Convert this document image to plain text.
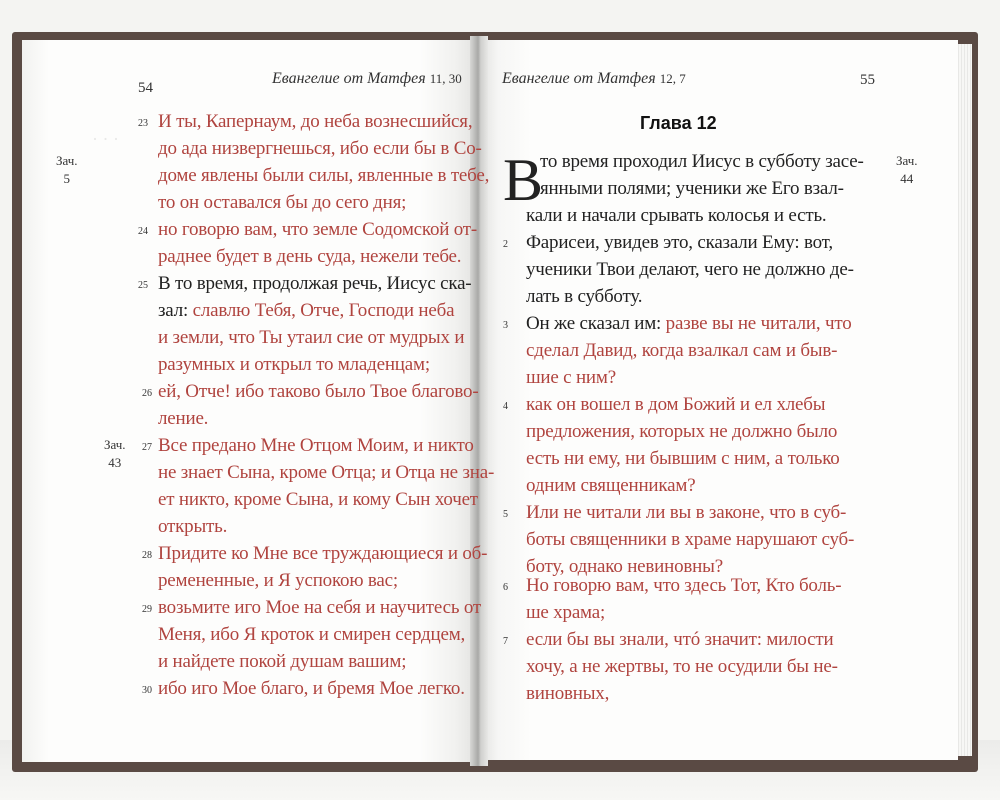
· · ·
54
Евангелие от Матфея 11, 30
Зач.
5
Зач.
43
23 И ты, Капернаум, до неба вознесшийся,
до ада низвергнешься, ибо если бы в Со-
доме явлены были силы, явленные в тебе,
то он оставался бы до сего дня;
24 но говорю вам, что земле Содомской от-
раднее будет в день суда, нежели тебе.
25 В то время, продолжая речь, Иисус ска-
зал: славлю Тебя, Отче, Господи неба
и земли, что Ты утаил сие от мудрых и
разумных и открыл то младенцам;
26 ей, Отче! ибо таково было Твое благово-
ление.
27 Все предано Мне Отцом Моим, и никто
не знает Сына, кроме Отца; и Отца не зна-
ет никто, кроме Сына, и кому Сын хочет
открыть.
28 Придите ко Мне все труждающиеся и об-
ремененные, и Я успокою вас;
29 возьмите иго Мое на себя и научитесь от
Меня, ибо Я кроток и смирен сердцем,
и найдете покой душам вашим;
30 ибо иго Мое благо, и бремя Мое легко.
Евангелие от Матфея 12, 7	55
Глава 12
Зач.
44
В
то время проходил Иисус в субботу засе-
янными полями; ученики же Его взал-
кали и начали срывать колосья и есть.
2 Фарисеи, увидев это, сказали Ему: вот,
ученики Твои делают, чего не должно де-
лать в субботу.
3 Он же сказал им: разве вы не читали, что
сделал Давид, когда взалкал сам и быв-
шие с ним?
4 как он вошел в дом Божий и ел хлебы
предложения, которых не должно было
есть ни ему, ни бывшим с ним, а только
одним священникам?
5 Или не читали ли вы в законе, что в суб-
боты священники в храме нарушают суб-
боту, однако невиновны?
6 Но говорю вам, что здесь Тот, Кто боль-
ше храма;
7 если бы вы знали, чтó значит: милости
хочу, а не жертвы, то не осудили бы не-
виновных,
